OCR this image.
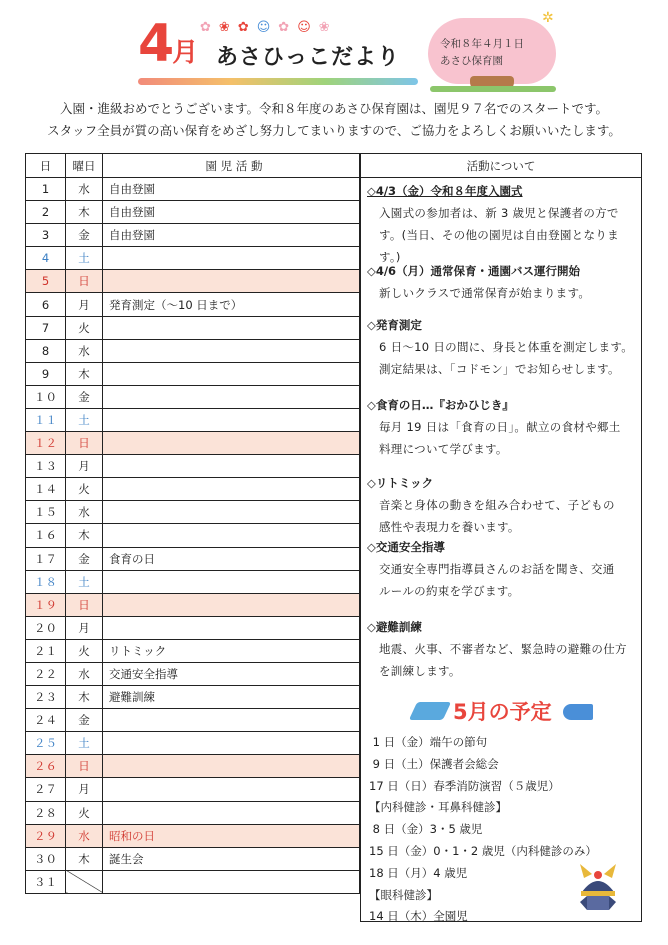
✿❀✿☺✿☺❀
4月 あさひっこだより
✲
令和８年４月１日
あさひ保育園
入園・進級おめでとうございます。令和８年度のあさひ保育園は、園児９７名でのスタートです。
スタッフ全員が質の高い保育をめざし努力してまいりますので、ご協力をよろしくお願いいたします。
日	曜日	園 児 活 動
1	水	自由登園
2	木	自由登園
3	金	自由登園
4	土	
5	日	
6	月	発育測定（～10 日まで）
7	火	
8	水	
9	木	
１０	金	
１１	土	
１２	日	
１３	月	
１４	火	
１５	水	
１６	木	
１７	金	食育の日
１８	土	
１９	日	
２０	月	
２１	火	リトミック
２２	水	交通安全指導
２３	木	避難訓練
２４	金	
２５	土	
２６	日	
２７	月	
２８	火	
２９	水	昭和の日
３０	木	誕生会
３１		
活動について
◇4/3（金）令和８年度入園式
入園式の参加者は、新 3 歳児と保護者の方で
す。(当日、その他の園児は自由登園となります。)
◇4/6（月）通常保育・通園バス運行開始
新しいクラスで通常保育が始まります。
◇発育測定
6 日～10 日の間に、身長と体重を測定します。
測定結果は、「コドモン」でお知らせします。
◇食育の日…『おかひじき』
毎月 19 日は「食育の日」。献立の食材や郷土
料理について学びます。
◇リトミック
音楽と身体の動きを組み合わせて、子どもの
感性や表現力を養います。
◇交通安全指導
交通安全専門指導員さんのお話を聞き、交通
ルールの約束を学びます。
◇避難訓練
地震、火事、不審者など、緊急時の避難の仕方
を訓練します。
5月の予定
1 日（金）端午の節句
9 日（土）保護者会総会
17 日（日）春季消防演習（５歳児）
【内科健診・耳鼻科健診】
8 日（金）3・5 歳児
15 日（金）0・1・2 歳児（内科健診のみ）
18 日（月）4 歳児
【眼科健診】
14 日（木）全園児
